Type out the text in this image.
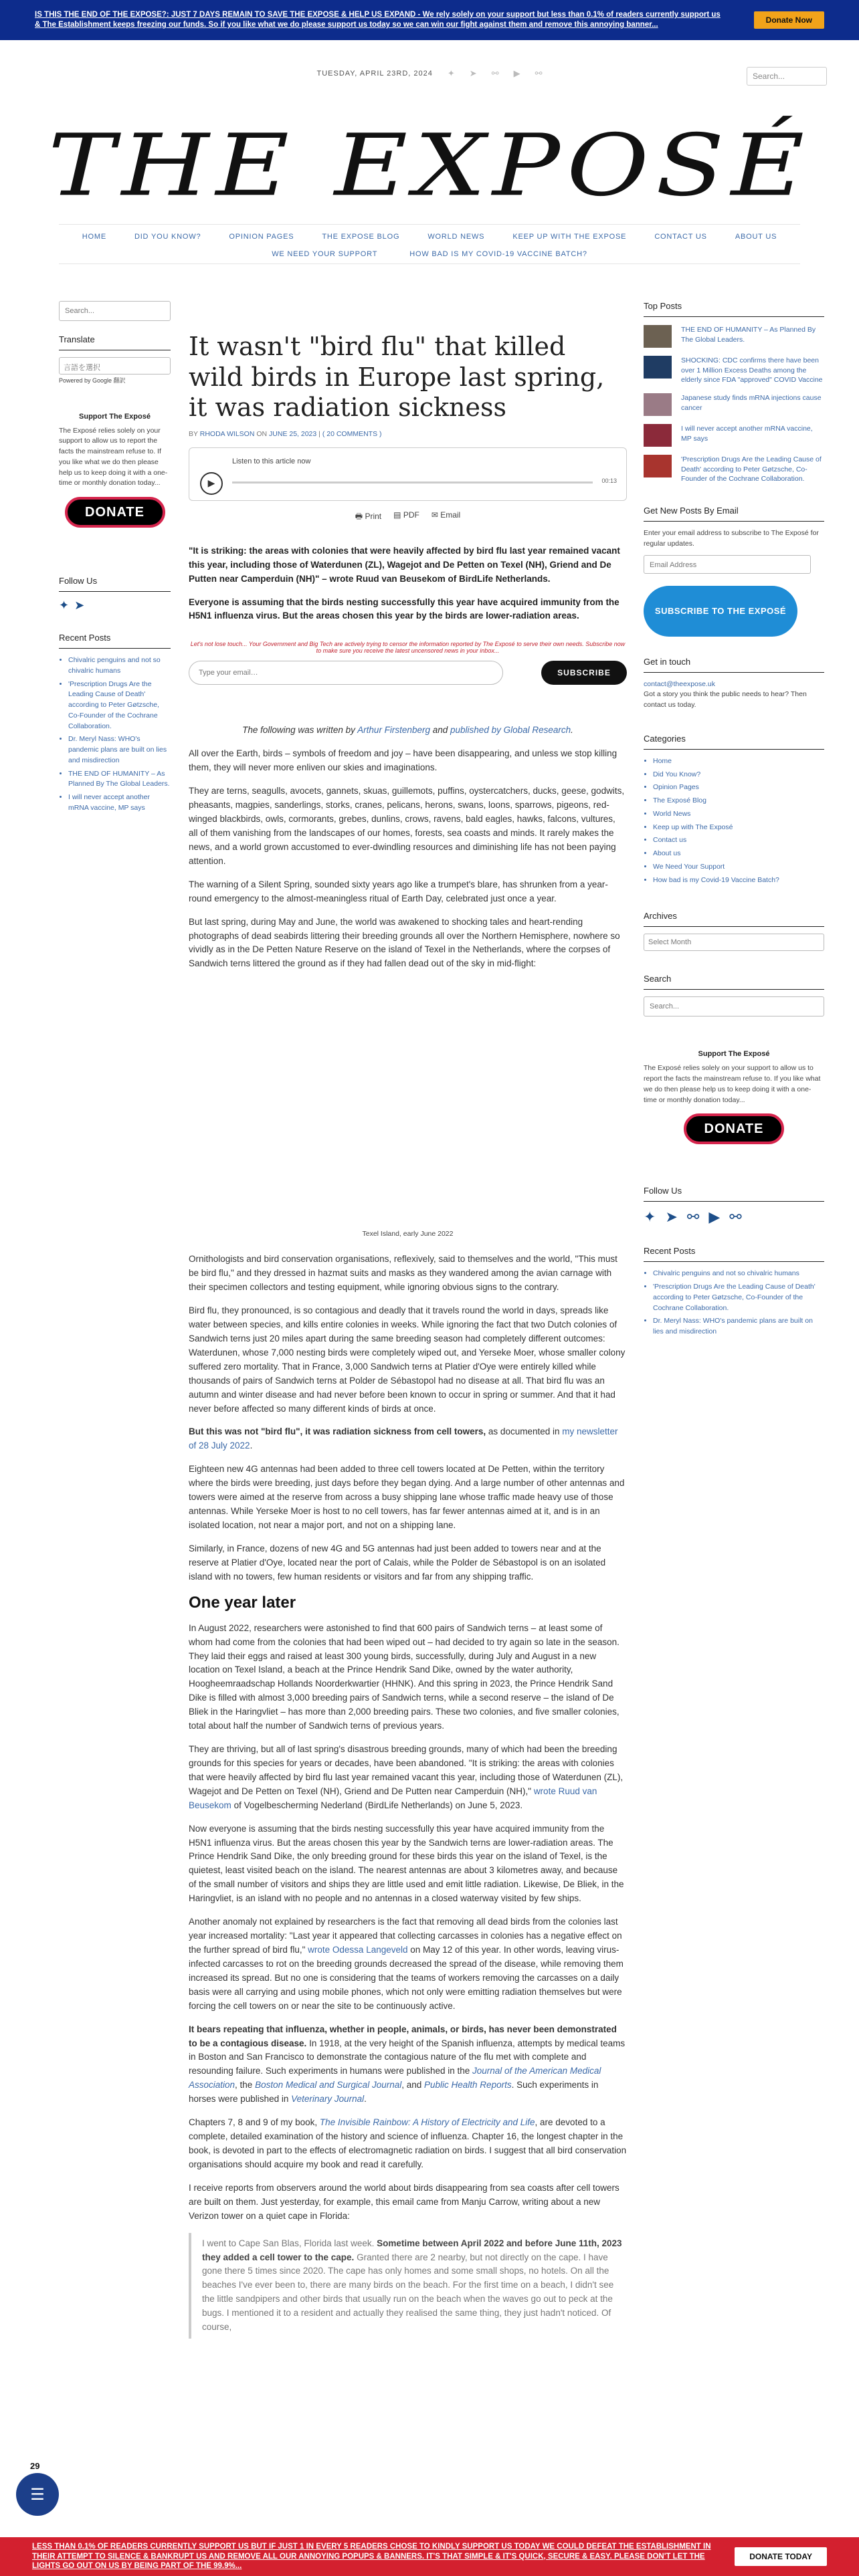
IS THIS THE END OF THE EXPOSE?: JUST 7 DAYS REMAIN TO SAVE THE EXPOSE & HELP US EXPAND - We rely solely on your support but less than 0.1% of readers currently support us & The Establishment keeps freezing our funds. So if you like what we do please support us today so we can win our fight against them and remove this annoying banner...	Donate Now
TUESDAY, APRIL 23RD, 2024 ✦ ➤ ⚯ ▶ ⚯	Search...
THE EXPOSÉ
HOME	DID YOU KNOW?	OPINION PAGES	THE EXPOSE BLOG	WORLD NEWS	KEEP UP WITH THE EXPOSE	CONTACT US	ABOUT US
WE NEED YOUR SUPPORT	HOW BAD IS MY COVID-19 VACCINE BATCH?
Search...
Translate
言語を選択
Powered by Google 翻訳
Support The Exposé
The Exposé relies solely on your support to allow us to report the facts the mainstream refuse to. If you like what we do then please help us to keep doing it with a one-time or monthly donation today...
DONATE
Follow Us
✦ ➤
Recent Posts
• Chivalric penguins and not so chivalric humans
• 'Prescription Drugs Are the Leading Cause of Death' according to Peter Gøtzsche, Co-Founder of the Cochrane Collaboration.
• Dr. Meryl Nass: WHO's pandemic plans are built on lies and misdirection
• THE END OF HUMANITY – As Planned By The Global Leaders.
• I will never accept another mRNA vaccine, MP says
It wasn't "bird flu" that killed wild birds in Europe last spring, it was radiation sickness
BY RHODA WILSON ON JUNE 25, 2023 | ( 20 COMMENTS )
Listen to this article now
▶	00:13
🖶 Print ▤ PDF ✉ Email

"It is striking: the areas with colonies that were heavily affected by bird flu last year remained vacant this year, including those of Waterdunen (ZL), Wagejot and De Petten on Texel (NH), Griend and De Putten near Camperduin (NH)" – wrote Ruud van Beusekom of BirdLife Netherlands.

Everyone is assuming that the birds nesting successfully this year have acquired immunity from the H5N1 influenza virus. But the areas chosen this year by the birds are lower-radiation areas.

Let's not lose touch... Your Government and Big Tech are actively trying to censor the information reported by The Exposé to serve their own needs. Subscribe now to make sure you receive the latest uncensored news in your inbox...
Type your email…	SUBSCRIBE
The following was written by Arthur Firstenberg and published by Global Research.

All over the Earth, birds – symbols of freedom and joy – have been disappearing, and unless we stop killing them, they will never more enliven our skies and imaginations.

They are terns, seagulls, avocets, gannets, skuas, guillemots, puffins, oystercatchers, ducks, geese, godwits, pheasants, magpies, sanderlings, storks, cranes, pelicans, herons, swans, loons, sparrows, pigeons, red-winged blackbirds, owls, cormorants, grebes, dunlins, crows, ravens, bald eagles, hawks, falcons, vultures, all of them vanishing from the landscapes of our homes, forests, sea coasts and minds. It rarely makes the news, and a world grown accustomed to ever-dwindling resources and diminishing life has not been paying attention.

The warning of a Silent Spring, sounded sixty years ago like a trumpet's blare, has shrunken from a year-round emergency to the almost-meaningless ritual of Earth Day, celebrated just once a year.

But last spring, during May and June, the world was awakened to shocking tales and heart-rending photographs of dead seabirds littering their breeding grounds all over the Northern Hemisphere, nowhere so vividly as in the De Petten Nature Reserve on the island of Texel in the Netherlands, where the corpses of Sandwich terns littered the ground as if they had fallen dead out of the sky in mid-flight:

Texel Island, early June 2022

Ornithologists and bird conservation organisations, reflexively, said to themselves and the world, "This must be bird flu," and they dressed in hazmat suits and masks as they wandered among the avian carnage with their specimen collectors and testing equipment, while ignoring obvious signs to the contrary.

Bird flu, they pronounced, is so contagious and deadly that it travels round the world in days, spreads like water between species, and kills entire colonies in weeks. While ignoring the fact that two Dutch colonies of Sandwich terns just 20 miles apart during the same breeding season had completely different outcomes: Waterdunen, whose 7,000 nesting birds were completely wiped out, and Yerseke Moer, whose smaller colony suffered zero mortality. That in France, 3,000 Sandwich terns at Platier d'Oye were entirely killed while thousands of pairs of Sandwich terns at Polder de Sébastopol had no disease at all. That bird flu was an autumn and winter disease and had never before been known to occur in spring or summer. And that it had never before affected so many different kinds of birds at once.

But this was not "bird flu", it was radiation sickness from cell towers, as documented in my newsletter of 28 July 2022.

Eighteen new 4G antennas had been added to three cell towers located at De Petten, within the territory where the birds were breeding, just days before they began dying. And a large number of other antennas and towers were aimed at the reserve from across a busy shipping lane whose traffic made heavy use of those antennas. While Yerseke Moer is host to no cell towers, has far fewer antennas aimed at it, and is in an isolated location, not near a major port, and not on a shipping lane.

Similarly, in France, dozens of new 4G and 5G antennas had just been added to towers near and at the reserve at Platier d'Oye, located near the port of Calais, while the Polder de Sébastopol is on an isolated island with no towers, few human residents or visitors and far from any shipping traffic.

One year later

In August 2022, researchers were astonished to find that 600 pairs of Sandwich terns – at least some of whom had come from the colonies that had been wiped out – had decided to try again so late in the season. They laid their eggs and raised at least 300 young birds, successfully, during July and August in a new location on Texel Island, a beach at the Prince Hendrik Sand Dike, owned by the water authority, Hoogheemraadschap Hollands Noorderkwartier (HHNK). And this spring in 2023, the Prince Hendrik Sand Dike is filled with almost 3,000 breeding pairs of Sandwich terns, while a second reserve – the island of De Bliek in the Haringvliet – has more than 2,000 breeding pairs. These two colonies, and five smaller colonies, total about half the number of Sandwich terns of previous years.

They are thriving, but all of last spring's disastrous breeding grounds, many of which had been the breeding grounds for this species for years or decades, have been abandoned. "It is striking: the areas with colonies that were heavily affected by bird flu last year remained vacant this year, including those of Waterdunen (ZL), Wagejot and De Petten on Texel (NH), Griend and De Putten near Camperduin (NH)," wrote Ruud van Beusekom of Vogelbescherming Nederland (BirdLife Netherlands) on June 5, 2023.

Now everyone is assuming that the birds nesting successfully this year have acquired immunity from the H5N1 influenza virus. But the areas chosen this year by the Sandwich terns are lower-radiation areas. The Prince Hendrik Sand Dike, the only breeding ground for these birds this year on the island of Texel, is the quietest, least visited beach on the island. The nearest antennas are about 3 kilometres away, and because of the small number of visitors and ships they are little used and emit little radiation. Likewise, De Bliek, in the Haringvliet, is an island with no people and no antennas in a closed waterway visited by few ships.

Another anomaly not explained by researchers is the fact that removing all dead birds from the colonies last year increased mortality: "Last year it appeared that collecting carcasses in colonies has a negative effect on the further spread of bird flu," wrote Odessa Langeveld on May 12 of this year. In other words, leaving virus-infected carcasses to rot on the breeding grounds decreased the spread of the disease, while removing them increased its spread. But no one is considering that the teams of workers removing the carcasses on a daily basis were all carrying and using mobile phones, which not only were emitting radiation themselves but were forcing the cell towers on or near the site to be continuously active.

It bears repeating that influenza, whether in people, animals, or birds, has never been demonstrated to be a contagious disease. In 1918, at the very height of the Spanish influenza, attempts by medical teams in Boston and San Francisco to demonstrate the contagious nature of the flu met with complete and resounding failure. Such experiments in humans were published in the Journal of the American Medical Association, the Boston Medical and Surgical Journal, and Public Health Reports. Such experiments in horses were published in Veterinary Journal.

Chapters 7, 8 and 9 of my book, The Invisible Rainbow: A History of Electricity and Life, are devoted to a complete, detailed examination of the history and science of influenza. Chapter 16, the longest chapter in the book, is devoted in part to the effects of electromagnetic radiation on birds. I suggest that all bird conservation organisations should acquire my book and read it carefully.

I receive reports from observers around the world about birds disappearing from sea coasts after cell towers are built on them. Just yesterday, for example, this email came from Manju Carrow, writing about a new Verizon tower on a quiet cape in Florida:

I went to Cape San Blas, Florida last week. Sometime between April 2022 and before June 11th, 2023 they added a cell tower to the cape. Granted there are 2 nearby, but not directly on the cape. I have gone there 5 times since 2020. The cape has only homes and some small shops, no hotels. On all the beaches I've ever been to, there are many birds on the beach. For the first time on a beach, I didn't see the little sandpipers and other birds that usually run on the beach when the waves go out to peck at the bugs. I mentioned it to a resident and actually they realised the same thing, they just hadn't noticed. Of course,
Top Posts
THE END OF HUMANITY – As Planned By The Global Leaders.
SHOCKING: CDC confirms there have been over 1 Million Excess Deaths among the elderly since FDA "approved" COVID Vaccine
Japanese study finds mRNA injections cause cancer
I will never accept another mRNA vaccine, MP says
'Prescription Drugs Are the Leading Cause of Death' according to Peter Gøtzsche, Co-Founder of the Cochrane Collaboration.
Get New Posts By Email
Enter your email address to subscribe to The Exposé for regular updates.
Email Address
SUBSCRIBE TO THE EXPOSÉ
Get in touch
contact@theexpose.uk
Got a story you think the public needs to hear? Then contact us today.
Categories
• Home
• Did You Know?
• Opinion Pages
• The Exposé Blog
• World News
• Keep up with The Exposé
• Contact us
• About us
• We Need Your Support
• How bad is my Covid-19 Vaccine Batch?
Archives
Select Month
Search
Search...
Support The Exposé
The Exposé relies solely on your support to allow us to report the facts the mainstream refuse to. If you like what we do then please help us to keep doing it with a one-time or monthly donation today...
DONATE
Follow Us
✦ ➤ ⚯ ▶ ⚯
Recent Posts
• Chivalric penguins and not so chivalric humans
• 'Prescription Drugs Are the Leading Cause of Death' according to Peter Gøtzsche, Co-Founder of the Cochrane Collaboration.
• Dr. Meryl Nass: WHO's pandemic plans are built on lies and misdirection
29
☰
LESS THAN 0.1% OF READERS CURRENTLY SUPPORT US BUT IF JUST 1 IN EVERY 5 READERS CHOSE TO KINDLY SUPPORT US TODAY WE COULD DEFEAT THE ESTABLISHMENT IN THEIR ATTEMPT TO SILENCE & BANKRUPT US AND REMOVE ALL OUR ANNOYING POPUPS & BANNERS. IT'S THAT SIMPLE & IT'S QUICK, SECURE & EASY. PLEASE DON'T LET THE LIGHTS GO OUT ON US BY BEING PART OF THE 99.9%...
DONATE TODAY
